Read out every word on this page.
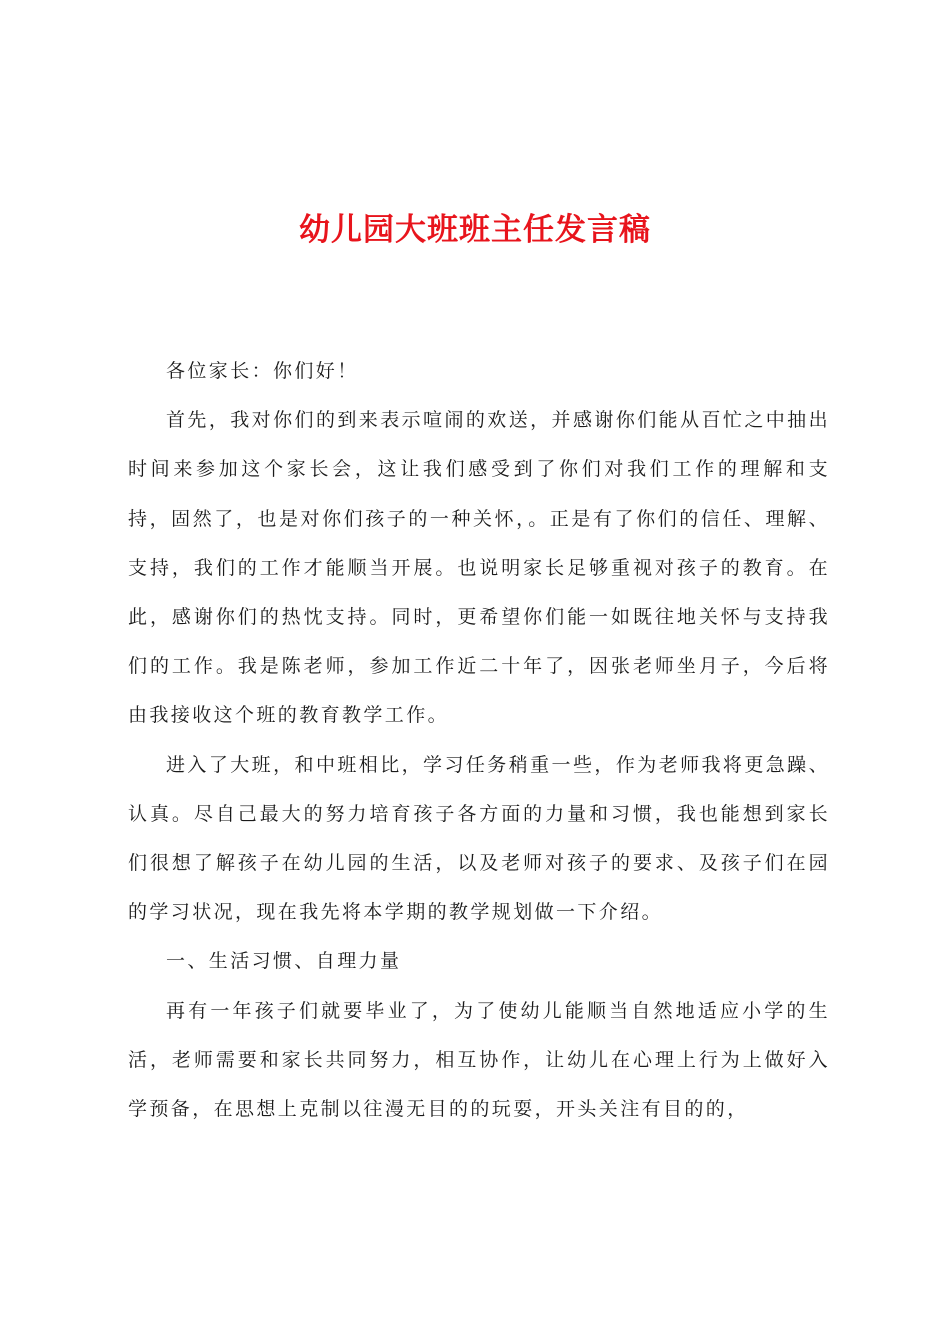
幼儿园大班班主任发言稿

各位家长：你们好！

首先，我对你们的到来表示喧闹的欢送，并感谢你们能从百忙之中抽出时间来参加这个家长会，这让我们感受到了你们对我们工作的理解和支持，固然了，也是对你们孩子的一种关怀，。正是有了你们的信任、理解、支持，我们的工作才能顺当开展。也说明家长足够重视对孩子的教育。在此，感谢你们的热忱支持。同时，更希望你们能一如既往地关怀与支持我们的工作。我是陈老师，参加工作近二十年了，因张老师坐月子，今后将由我接收这个班的教育教学工作。

进入了大班，和中班相比，学习任务稍重一些，作为老师我将更急躁、认真。尽自己最大的努力培育孩子各方面的力量和习惯，我也能想到家长们很想了解孩子在幼儿园的生活，以及老师对孩子的要求、及孩子们在园的学习状况，现在我先将本学期的教学规划做一下介绍。

一、生活习惯、自理力量

再有一年孩子们就要毕业了，为了使幼儿能顺当自然地适应小学的生活，老师需要和家长共同努力，相互协作，让幼儿在心理上行为上做好入学预备，在思想上克制以往漫无目的的玩耍，开头关注有目的的，
